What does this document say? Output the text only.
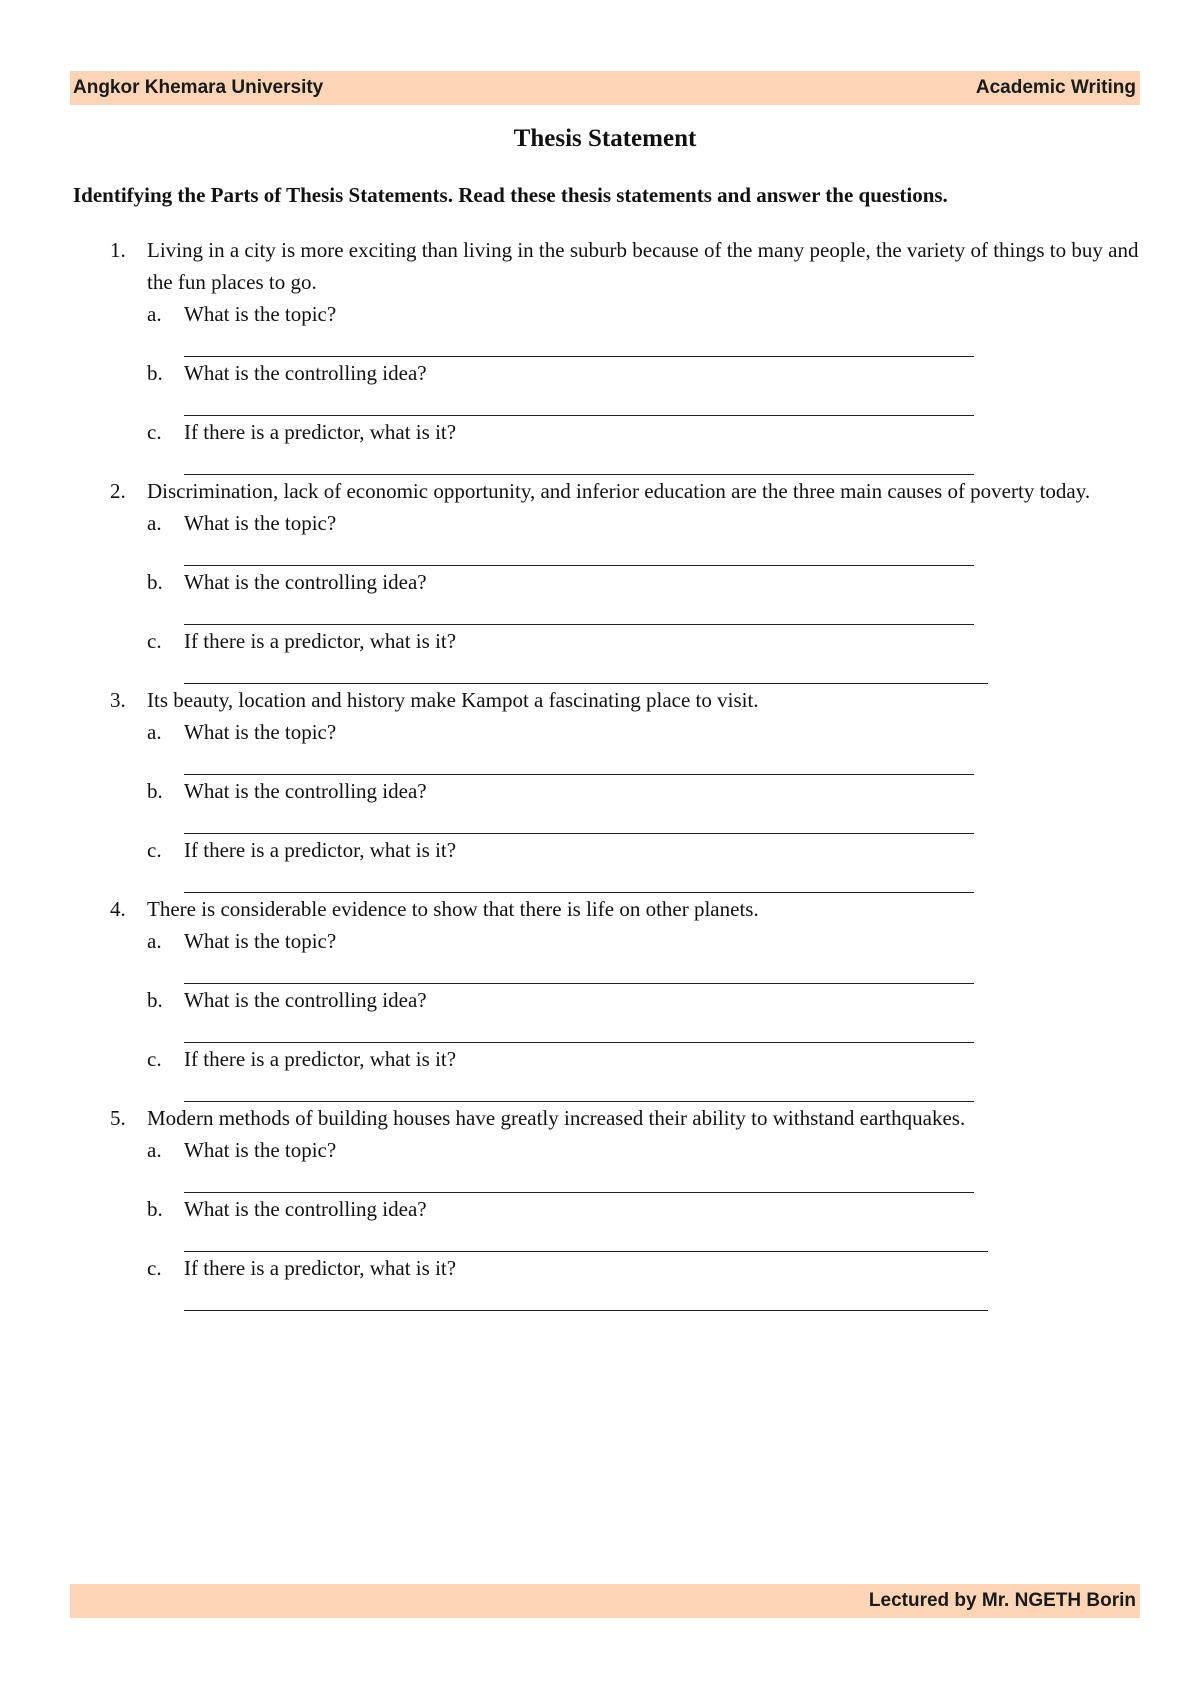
Angkor Khemara University	Academic Writing
Thesis Statement
Identifying the Parts of Thesis Statements. Read these thesis statements and answer the questions.
1. Living in a city is more exciting than living in the suburb because of the many people, the variety of things to buy and the fun places to go.
a. What is the topic?
b. What is the controlling idea?
c. If there is a predictor, what is it?
2. Discrimination, lack of economic opportunity, and inferior education are the three main causes of poverty today.
a. What is the topic?
b. What is the controlling idea?
c. If there is a predictor, what is it?
3. Its beauty, location and history make Kampot a fascinating place to visit.
a. What is the topic?
b. What is the controlling idea?
c. If there is a predictor, what is it?
4. There is considerable evidence to show that there is life on other planets.
a. What is the topic?
b. What is the controlling idea?
c. If there is a predictor, what is it?
5. Modern methods of building houses have greatly increased their ability to withstand earthquakes.
a. What is the topic?
b. What is the controlling idea?
c. If there is a predictor, what is it?
Lectured by Mr. NGETH Borin
